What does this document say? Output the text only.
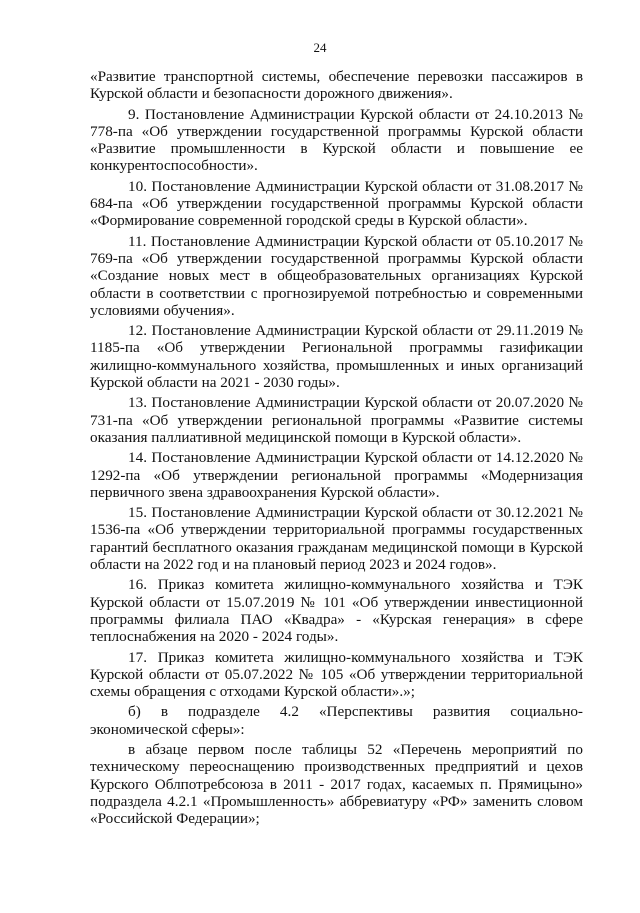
24

«Развитие транспортной системы, обеспечение перевозки пассажиров в Курской области и безопасности дорожного движения».

9. Постановление Администрации Курской области от 24.10.2013 № 778-па «Об утверждении государственной программы Курской области «Развитие промышленности в Курской области и повышение ее конкурентоспособности».

10. Постановление Администрации Курской области от 31.08.2017 № 684-па «Об утверждении государственной программы Курской области «Формирование современной городской среды в Курской области».

11. Постановление Администрации Курской области от 05.10.2017 № 769-па «Об утверждении государственной программы Курской области «Создание новых мест в общеобразовательных организациях Курской области в соответствии с прогнозируемой потребностью и современными условиями обучения».

12. Постановление Администрации Курской области от 29.11.2019 № 1185-па «Об утверждении Региональной программы газификации жилищно-коммунального хозяйства, промышленных и иных организаций Курской области на 2021 - 2030 годы».

13. Постановление Администрации Курской области от 20.07.2020 № 731-па «Об утверждении региональной программы «Развитие системы оказания паллиативной медицинской помощи в Курской области».

14. Постановление Администрации Курской области от 14.12.2020 № 1292-па «Об утверждении региональной программы «Модернизация первичного звена здравоохранения Курской области».

15. Постановление Администрации Курской области от 30.12.2021 № 1536-па «Об утверждении территориальной программы государственных гарантий бесплатного оказания гражданам медицинской помощи в Курской области на 2022 год и на плановый период 2023 и 2024 годов».

16. Приказ комитета жилищно-коммунального хозяйства и ТЭК Курской области от 15.07.2019 № 101 «Об утверждении инвестиционной программы филиала ПАО «Квадра» - «Курская генерация» в сфере теплоснабжения на 2020 - 2024 годы».

17. Приказ комитета жилищно-коммунального хозяйства и ТЭК Курской области от 05.07.2022 № 105 «Об утверждении территориальной схемы обращения с отходами Курской области».»;

б) в подразделе 4.2 «Перспективы развития социально-экономической сферы»:

в абзаце первом после таблицы 52 «Перечень мероприятий по техническому переоснащению производственных предприятий и цехов Курского Облпотребсоюза в 2011 - 2017 годах, касаемых п. Прямицыно» подраздела 4.2.1 «Промышленность» аббревиатуру «РФ» заменить словом «Российской Федерации»;
